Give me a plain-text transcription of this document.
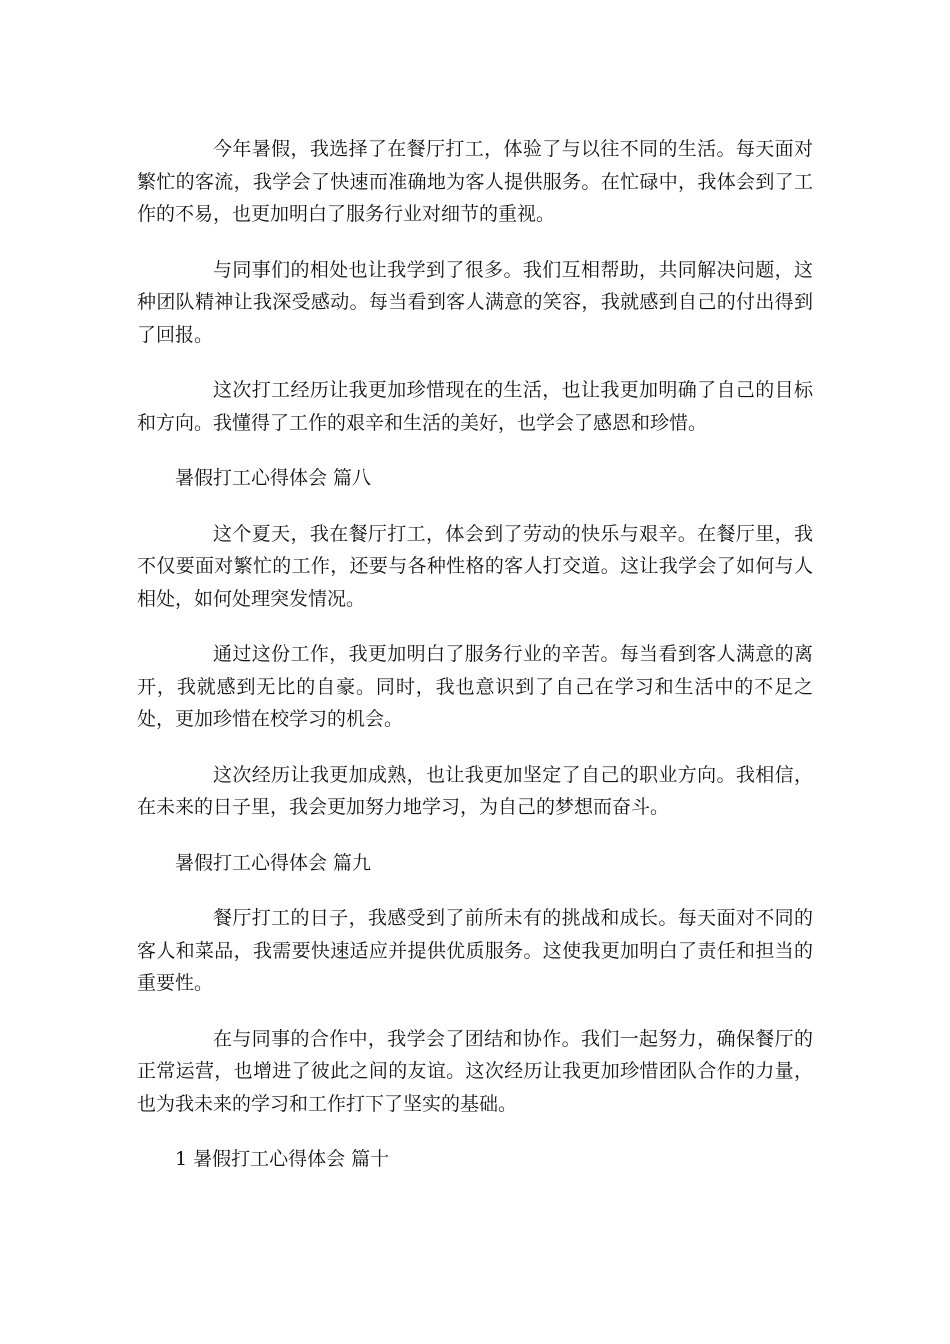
今年暑假，我选择了在餐厅打工，体验了与以往不同的生活。每天面对繁忙的客流，我学会了快速而准确地为客人提供服务。在忙碌中，我体会到了工作的不易，也更加明白了服务行业对细节的重视。

与同事们的相处也让我学到了很多。我们互相帮助，共同解决问题，这种团队精神让我深受感动。每当看到客人满意的笑容，我就感到自己的付出得到了回报。

这次打工经历让我更加珍惜现在的生活，也让我更加明确了自己的目标和方向。我懂得了工作的艰辛和生活的美好，也学会了感恩和珍惜。

暑假打工心得体会 篇八

这个夏天，我在餐厅打工，体会到了劳动的快乐与艰辛。在餐厅里，我不仅要面对繁忙的工作，还要与各种性格的客人打交道。这让我学会了如何与人相处，如何处理突发情况。

通过这份工作，我更加明白了服务行业的辛苦。每当看到客人满意的离开，我就感到无比的自豪。同时，我也意识到了自己在学习和生活中的不足之处，更加珍惜在校学习的机会。

这次经历让我更加成熟，也让我更加坚定了自己的职业方向。我相信，在未来的日子里，我会更加努力地学习，为自己的梦想而奋斗。

暑假打工心得体会 篇九

餐厅打工的日子，我感受到了前所未有的挑战和成长。每天面对不同的客人和菜品，我需要快速适应并提供优质服务。这使我更加明白了责任和担当的重要性。

在与同事的合作中，我学会了团结和协作。我们一起努力，确保餐厅的正常运营，也增进了彼此之间的友谊。这次经历让我更加珍惜团队合作的力量，也为我未来的学习和工作打下了坚实的基础。

1 暑假打工心得体会 篇十
